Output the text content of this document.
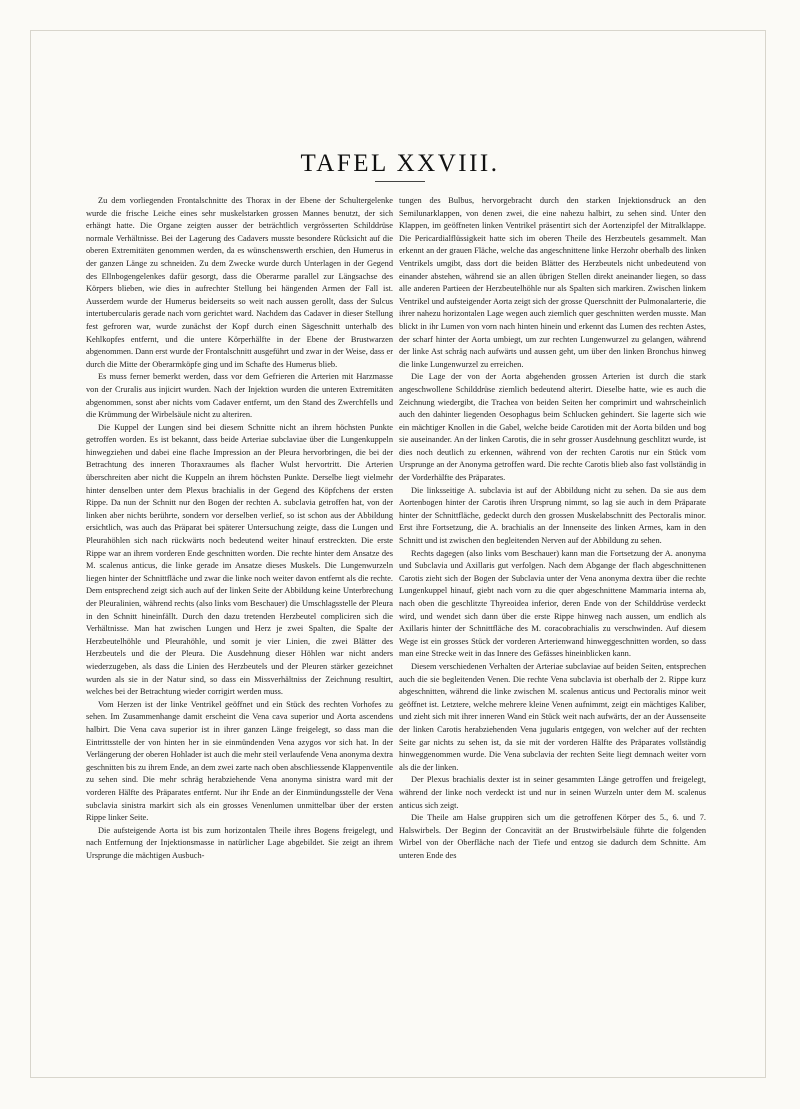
TAFEL XXVIII.

Zu dem vorliegenden Frontalschnitte des Thorax in der Ebene der Schultergelenke wurde die frische Leiche eines sehr muskelstarken grossen Mannes benutzt, der sich erhängt hatte. Die Organe zeigten ausser der beträchtlich vergrösserten Schilddrüse normale Verhältnisse. Bei der Lagerung des Cadavers musste besondere Rücksicht auf die oberen Extremitäten genommen werden, da es wünschenswerth erschien, den Humerus in der ganzen Länge zu schneiden. Zu dem Zwecke wurde durch Unterlagen in der Gegend des Ellnbogengelenkes dafür gesorgt, dass die Oberarme parallel zur Längsachse des Körpers blieben, wie dies in aufrechter Stellung bei hängenden Armen der Fall ist. Ausserdem wurde der Humerus beiderseits so weit nach aussen gerollt, dass der Sulcus intertubercularis gerade nach vorn gerichtet ward. Nachdem das Cadaver in dieser Stellung fest gefroren war, wurde zunächst der Kopf durch einen Sägeschnitt unterhalb des Kehlkopfes entfernt, und die untere Körperhälfte in der Ebene der Brustwarzen abgenommen. Dann erst wurde der Frontalschnitt ausgeführt und zwar in der Weise, dass er durch die Mitte der Oberarmköpfe ging und im Schafte des Humerus blieb.

Es muss ferner bemerkt werden, dass vor dem Gefrieren die Arterien mit Harzmasse von der Cruralis aus injicirt wurden. Nach der Injektion wurden die unteren Extremitäten abgenommen, sonst aber nichts vom Cadaver entfernt, um den Stand des Zwerchfells und die Krümmung der Wirbelsäule nicht zu alteriren.

Die Kuppel der Lungen sind bei diesem Schnitte nicht an ihrem höchsten Punkte getroffen worden. Es ist bekannt, dass beide Arteriae subclaviae über die Lungenkuppeln hinwegziehen und dabei eine flache Impression an der Pleura hervorbringen, die bei der Betrachtung des inneren Thoraxraumes als flacher Wulst hervortritt. Die Arterien überschreiten aber nicht die Kuppeln an ihrem höchsten Punkte. Derselbe liegt vielmehr hinter denselben unter dem Plexus brachialis in der Gegend des Köpfchens der ersten Rippe. Da nun der Schnitt nur den Bogen der rechten A. subclavia getroffen hat, von der linken aber nichts berührte, sondern vor derselben verlief, so ist schon aus der Abbildung ersichtlich, was auch das Präparat bei späterer Untersuchung zeigte, dass die Lungen und Pleurahöhlen sich nach rückwärts noch bedeutend weiter hinauf erstreckten. Die erste Rippe war an ihrem vorderen Ende geschnitten worden. Die rechte hinter dem Ansatze des M. scalenus anticus, die linke gerade im Ansatze dieses Muskels. Die Lungenwurzeln liegen hinter der Schnittfläche und zwar die linke noch weiter davon entfernt als die rechte. Dem entsprechend zeigt sich auch auf der linken Seite der Abbildung keine Unterbrechung der Pleuralinien, während rechts (also links vom Beschauer) die Umschlagsstelle der Pleura in den Schnitt hineinfällt. Durch den dazu tretenden Herzbeutel compliciren sich die Verhältnisse. Man hat zwischen Lungen und Herz je zwei Spalten, die Spalte der Herzbeutelhöhle und Pleurahöhle, und somit je vier Linien, die zwei Blätter des Herzbeutels und die der Pleura. Die Ausdehnung dieser Höhlen war nicht anders wiederzugeben, als dass die Linien des Herzbeutels und der Pleuren stärker gezeichnet wurden als sie in der Natur sind, so dass ein Missverhältniss der Zeichnung resultirt, welches bei der Betrachtung wieder corrigirt werden muss.

Vom Herzen ist der linke Ventrikel geöffnet und ein Stück des rechten Vorhofes zu sehen. Im Zusammenhange damit erscheint die Vena cava superior und Aorta ascendens halbirt. Die Vena cava superior ist in ihrer ganzen Länge freigelegt, so dass man die Eintrittsstelle der von hinten her in sie einmündenden Vena azygos vor sich hat. In der Verlängerung der oberen Hohlader ist auch die mehr steil verlaufende Vena anonyma dextra geschnitten bis zu ihrem Ende, an dem zwei zarte nach oben abschliessende Klappenventile zu sehen sind. Die mehr schräg herabziehende Vena anonyma sinistra ward mit der vorderen Hälfte des Präparates entfernt. Nur ihr Ende an der Einmündungsstelle der Vena subclavia sinistra markirt sich als ein grosses Venenlumen unmittelbar über der ersten Rippe linker Seite.

Die aufsteigende Aorta ist bis zum horizontalen Theile ihres Bogens freigelegt, und nach Entfernung der Injektionsmasse in natürlicher Lage abgebildet. Sie zeigt an ihrem Ursprunge die mächtigen Ausbuch-

tungen des Bulbus, hervorgebracht durch den starken Injektionsdruck an den Semilunarklappen, von denen zwei, die eine nahezu halbirt, zu sehen sind. Unter den Klappen, im geöffneten linken Ventrikel präsentirt sich der Aortenzipfel der Mitralklappe. Die Pericardialflüssigkeit hatte sich im oberen Theile des Herzbeutels gesammelt. Man erkennt an der grauen Fläche, welche das angeschnittene linke Herzohr oberhalb des linken Ventrikels umgibt, dass dort die beiden Blätter des Herzbeutels nicht unbedeutend von einander abstehen, während sie an allen übrigen Stellen direkt aneinander liegen, so dass alle anderen Partieen der Herzbeutelhöhle nur als Spalten sich markiren. Zwischen linkem Ventrikel und aufsteigender Aorta zeigt sich der grosse Querschnitt der Pulmonalarterie, die ihrer nahezu horizontalen Lage wegen auch ziemlich quer geschnitten werden musste. Man blickt in ihr Lumen von vorn nach hinten hinein und erkennt das Lumen des rechten Astes, der scharf hinter der Aorta umbiegt, um zur rechten Lungenwurzel zu gelangen, während der linke Ast schräg nach aufwärts und aussen geht, um über den linken Bronchus hinweg die linke Lungenwurzel zu erreichen.

Die Lage der von der Aorta abgehenden grossen Arterien ist durch die stark angeschwollene Schilddrüse ziemlich bedeutend alterirt. Dieselbe hatte, wie es auch die Zeichnung wiedergibt, die Trachea von beiden Seiten her comprimirt und wahrscheinlich auch den dahinter liegenden Oesophagus beim Schlucken gehindert. Sie lagerte sich wie ein mächtiger Knollen in die Gabel, welche beide Carotiden mit der Aorta bilden und bog sie auseinander. An der linken Carotis, die in sehr grosser Ausdehnung geschlitzt wurde, ist dies noch deutlich zu erkennen, während von der rechten Carotis nur ein Stück vom Ursprunge an der Anonyma getroffen ward. Die rechte Carotis blieb also fast vollständig in der Vorderhälfte des Präparates.

Die linksseitige A. subclavia ist auf der Abbildung nicht zu sehen. Da sie aus dem Aortenbogen hinter der Carotis ihren Ursprung nimmt, so lag sie auch in dem Präparate hinter der Schnittfläche, gedeckt durch den grossen Muskelabschnitt des Pectoralis minor. Erst ihre Fortsetzung, die A. brachialis an der Innenseite des linken Armes, kam in den Schnitt und ist zwischen den begleitenden Nerven auf der Abbildung zu sehen.

Rechts dagegen (also links vom Beschauer) kann man die Fortsetzung der A. anonyma und Subclavia und Axillaris gut verfolgen. Nach dem Abgange der flach abgeschnittenen Carotis zieht sich der Bogen der Subclavia unter der Vena anonyma dextra über die rechte Lungenkuppel hinauf, giebt nach vorn zu die quer abgeschnittene Mammaria interna ab, nach oben die geschlitzte Thyreoidea inferior, deren Ende von der Schilddrüse verdeckt wird, und wendet sich dann über die erste Rippe hinweg nach aussen, um endlich als Axillaris hinter der Schnittfläche des M. coracobrachialis zu verschwinden. Auf diesem Wege ist ein grosses Stück der vorderen Arterienwand hinweggeschnitten worden, so dass man eine Strecke weit in das Innere des Gefässes hineinblicken kann.

Diesem verschiedenen Verhalten der Arteriae subclaviae auf beiden Seiten, entsprechen auch die sie begleitenden Venen. Die rechte Vena subclavia ist oberhalb der 2. Rippe kurz abgeschnitten, während die linke zwischen M. scalenus anticus und Pectoralis minor weit geöffnet ist. Letztere, welche mehrere kleine Venen aufnimmt, zeigt ein mächtiges Kaliber, und zieht sich mit ihrer inneren Wand ein Stück weit nach aufwärts, der an der Aussenseite der linken Carotis herabziehenden Vena jugularis entgegen, von welcher auf der rechten Seite gar nichts zu sehen ist, da sie mit der vorderen Hälfte des Präparates vollständig hinweggenommen wurde. Die Vena subclavia der rechten Seite liegt demnach weiter vorn als die der linken.

Der Plexus brachialis dexter ist in seiner gesammten Länge getroffen und freigelegt, während der linke noch verdeckt ist und nur in seinen Wurzeln unter dem M. scalenus anticus sich zeigt.

Die Theile am Halse gruppiren sich um die getroffenen Körper des 5., 6. und 7. Halswirbels. Der Beginn der Concavität an der Brustwirbelsäule führte die folgenden Wirbel von der Oberfläche nach der Tiefe und entzog sie dadurch dem Schnitte. Am unteren Ende des
